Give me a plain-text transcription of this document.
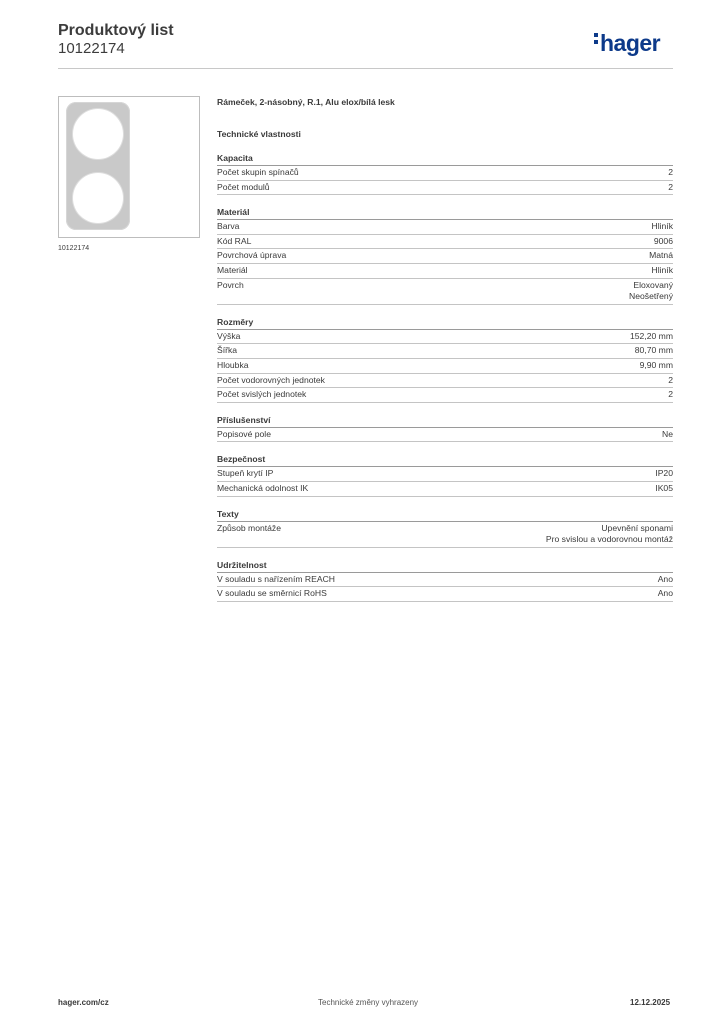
Produktový list
10122174	hager
10122174
Rámeček, 2-násobný, R.1, Alu elox/bílá lesk
Technické vlastnosti
Kapacita
Počet skupin spínačů	2
Počet modulů	2
Materiál
Barva	Hliník
Kód RAL	9006
Povrchová úprava	Matná
Materiál	Hliník
Povrch	Eloxovaný
Neošetřený
Rozměry
Výška	152,20 mm
Šířka	80,70 mm
Hloubka	9,90 mm
Počet vodorovných jednotek	2
Počet svislých jednotek	2
Příslušenství
Popisové pole	Ne
Bezpečnost
Stupeň krytí IP	IP20
Mechanická odolnost IK	IK05
Texty
Způsob montáže	Upevnění sponami
Pro svislou a vodorovnou montáž
Udržitelnost
V souladu s nařízením REACH	Ano
V souladu se směrnicí RoHS	Ano
hager.com/cz	Technické změny vyhrazeny	12.12.2025
